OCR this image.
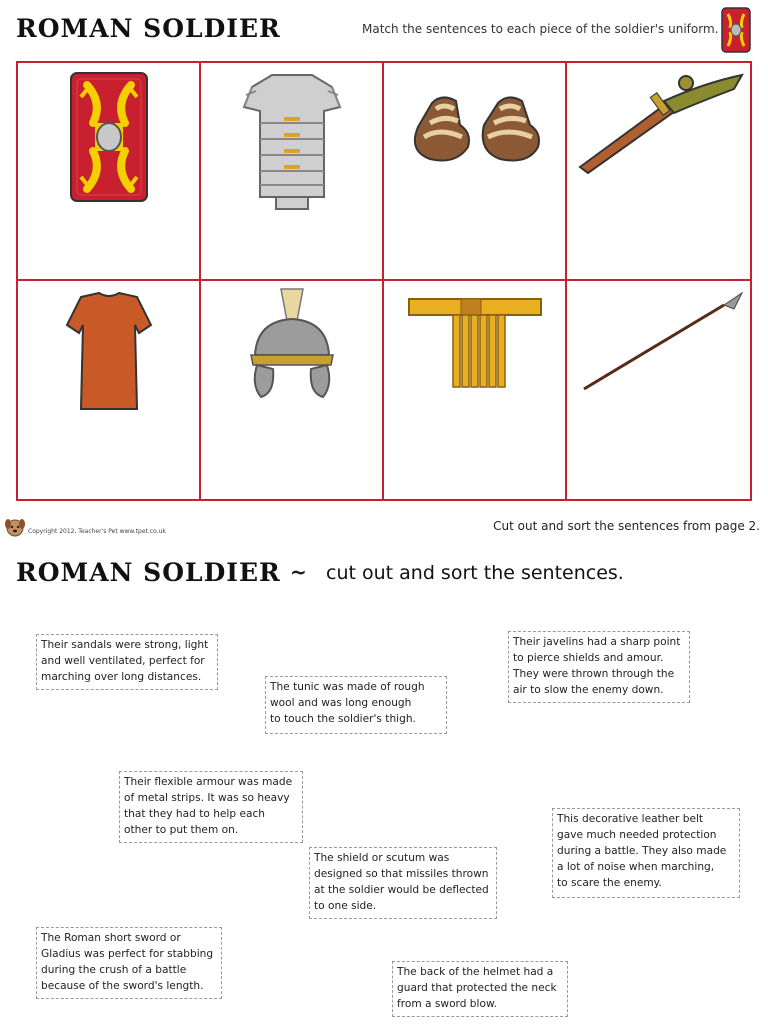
ROMAN SOLDIER	Match the sentences to each piece of the soldier's uniform.
Copyright 2012, Teacher's Pet www.tpet.co.uk	Cut out and sort the sentences from page 2.
ROMAN SOLDIER ~ cut out and sort the sentences.
Their sandals were strong, light
and well ventilated, perfect for
marching over long distances.
Their javelins had a sharp point
to pierce shields and amour.
They were thrown through the
air to slow the enemy down.
The tunic was made of rough
wool and was long enough
to touch the soldier's thigh.
Their flexible armour was made
of metal strips. It was so heavy
that they had to help each
other to put them on.
This decorative leather belt
gave much needed protection
during a battle. They also made
a lot of noise when marching,
to scare the enemy.
The shield or scutum was
designed so that missiles thrown
at the soldier would be deflected
to one side.
The Roman short sword or
Gladius was perfect for stabbing
during the crush of a battle
because of the sword's length.
The back of the helmet had a
guard that protected the neck
from a sword blow.
